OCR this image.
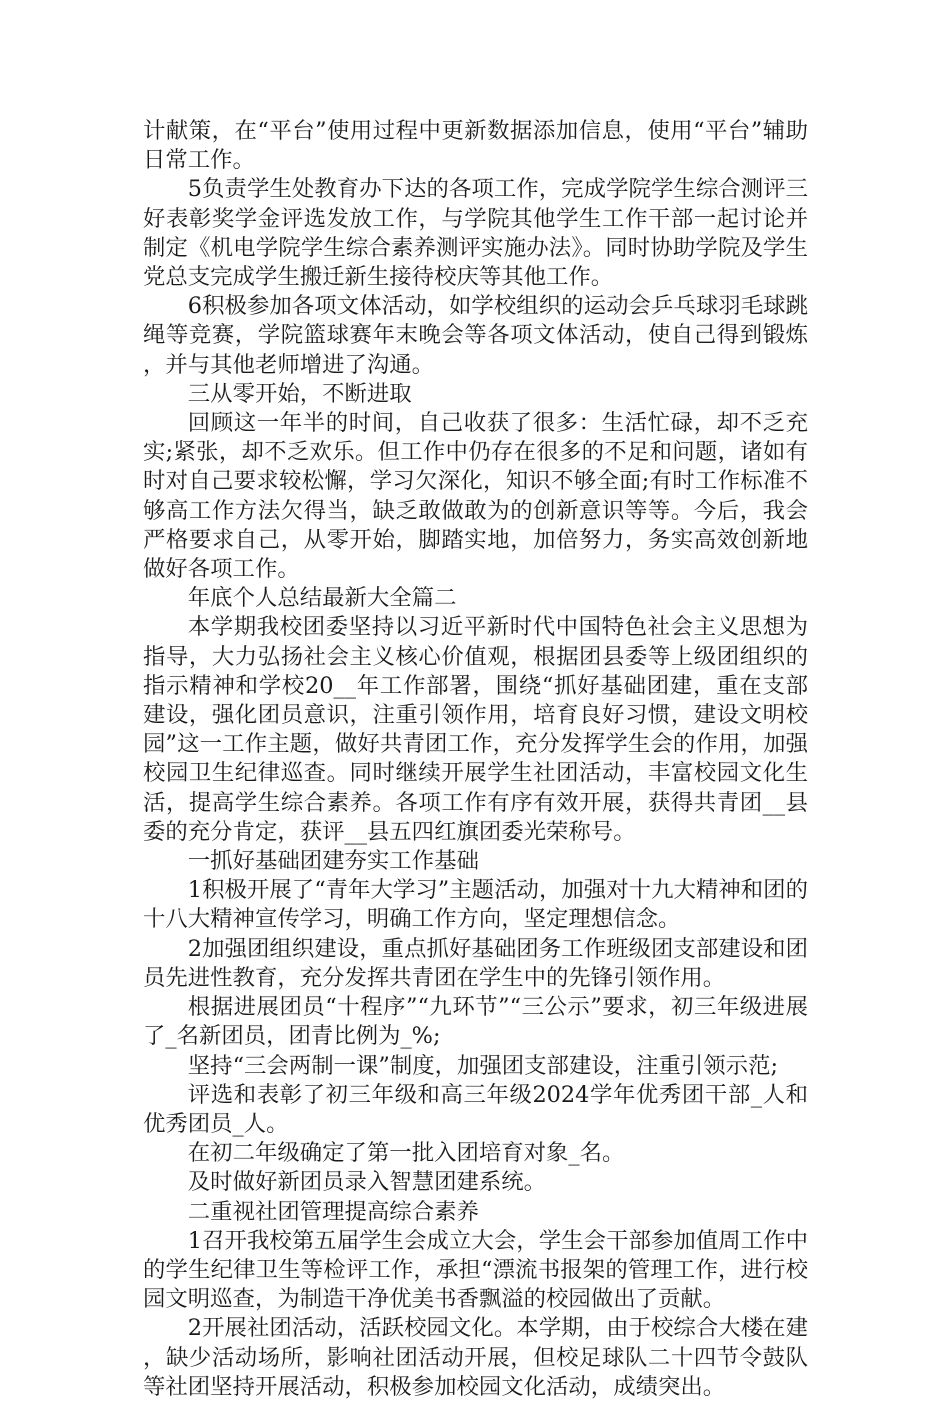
计献策，在“平台”使用过程中更新数据添加信息，使用“平台”辅助日常工作。

5负责学生处教育办下达的各项工作，完成学院学生综合测评三好表彰奖学金评选发放工作，与学院其他学生工作干部一起讨论并制定《机电学院学生综合素养测评实施办法》。同时协助学院及学生党总支完成学生搬迁新生接待校庆等其他工作。

6积极参加各项文体活动，如学校组织的运动会乒乓球羽毛球跳绳等竞赛，学院篮球赛年末晚会等各项文体活动，使自己得到锻炼，并与其他老师增进了沟通。

三从零开始，不断进取

回顾这一年半的时间，自己收获了很多：生活忙碌，却不乏充实;紧张，却不乏欢乐。但工作中仍存在很多的不足和问题，诸如有时对自己要求较松懈，学习欠深化，知识不够全面;有时工作标准不够高工作方法欠得当，缺乏敢做敢为的创新意识等等。今后，我会严格要求自己，从零开始，脚踏实地，加倍努力，务实高效创新地做好各项工作。

年底个人总结最新大全篇二

本学期我校团委坚持以习近平新时代中国特色社会主义思想为指导，大力弘扬社会主义核心价值观，根据团县委等上级团组织的指示精神和学校20__年工作部署，围绕“抓好基础团建，重在支部建设，强化团员意识，注重引领作用，培育良好习惯，建设文明校园”这一工作主题，做好共青团工作，充分发挥学生会的作用，加强校园卫生纪律巡查。同时继续开展学生社团活动，丰富校园文化生活，提高学生综合素养。各项工作有序有效开展，获得共青团__县委的充分肯定，获评__县五四红旗团委光荣称号。

一抓好基础团建夯实工作基础

1积极开展了“青年大学习”主题活动，加强对十九大精神和团的十八大精神宣传学习，明确工作方向，坚定理想信念。

2加强团组织建设，重点抓好基础团务工作班级团支部建设和团员先进性教育，充分发挥共青团在学生中的先锋引领作用。

根据进展团员“十程序”“九环节”“三公示”要求，初三年级进展了_名新团员，团青比例为_%;

坚持“三会两制一课”制度，加强团支部建设，注重引领示范;

评选和表彰了初三年级和高三年级2024学年优秀团干部_人和优秀团员_人。

在初二年级确定了第一批入团培育对象_名。

及时做好新团员录入智慧团建系统。

二重视社团管理提高综合素养

1召开我校第五届学生会成立大会，学生会干部参加值周工作中的学生纪律卫生等检评工作，承担“漂流书报架的管理工作，进行校园文明巡查，为制造干净优美书香飘溢的校园做出了贡献。

2开展社团活动，活跃校园文化。本学期，由于校综合大楼在建，缺少活动场所，影响社团活动开展，但校足球队二十四节令鼓队等社团坚持开展活动，积极参加校园文化活动，成绩突出。
